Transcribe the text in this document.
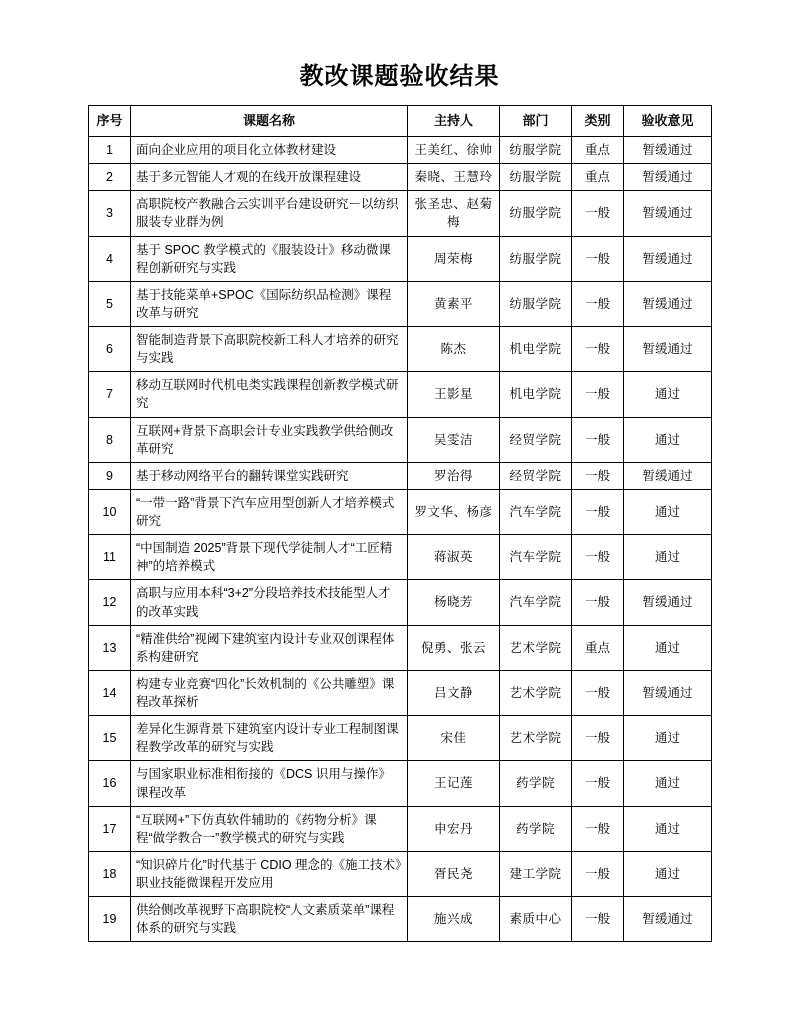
教改课题验收结果
序号	课题名称	主持人	部门	类别	验收意见
1	面向企业应用的项目化立体教材建设	王美红、徐帅	纺服学院	重点	暂缓通过
2	基于多元智能人才观的在线开放课程建设	秦晓、王慧玲	纺服学院	重点	暂缓通过
3	高职院校产教融合云实训平台建设研究－以纺织服装专业群为例	张圣忠、赵菊梅	纺服学院	一般	暂缓通过
4	基于 SPOC 教学模式的《服装设计》移动微课程创新研究与实践	周荣梅	纺服学院	一般	暂缓通过
5	基于技能菜单+SPOC《国际纺织品检测》课程改革与研究	黄素平	纺服学院	一般	暂缓通过
6	智能制造背景下高职院校新工科人才培养的研究与实践	陈杰	机电学院	一般	暂缓通过
7	移动互联网时代机电类实践课程创新教学模式研究	王影星	机电学院	一般	通过
8	互联网+背景下高职会计专业实践教学供给侧改革研究	吴雯洁	经贸学院	一般	通过
9	基于移动网络平台的翻转课堂实践研究	罗治得	经贸学院	一般	暂缓通过
10	“一带一路”背景下汽车应用型创新人才培养模式研究	罗文华、杨彦	汽车学院	一般	通过
11	“中国制造 2025”背景下现代学徒制人才“工匠精神”的培养模式	蒋淑英	汽车学院	一般	通过
12	高职与应用本科“3+2”分段培养技术技能型人才的改革实践	杨晓芳	汽车学院	一般	暂缓通过
13	“精准供给”视阈下建筑室内设计专业双创课程体系构建研究	倪勇、张云	艺术学院	重点	通过
14	构建专业竞赛“四化”长效机制的《公共雕塑》课程改革探析	吕文静	艺术学院	一般	暂缓通过
15	差异化生源背景下建筑室内设计专业工程制图课程教学改革的研究与实践	宋佳	艺术学院	一般	通过
16	与国家职业标准相衔接的《DCS 识用与操作》课程改革	王记莲	药学院	一般	通过
17	“互联网+”下仿真软件辅助的《药物分析》课程“做学教合一”教学模式的研究与实践	申宏丹	药学院	一般	通过
18	“知识碎片化”时代基于 CDIO 理念的《施工技术》职业技能微课程开发应用	胥民尧	建工学院	一般	通过
19	供给侧改革视野下高职院校“人文素质菜单”课程体系的研究与实践	施兴成	素质中心	一般	暂缓通过
